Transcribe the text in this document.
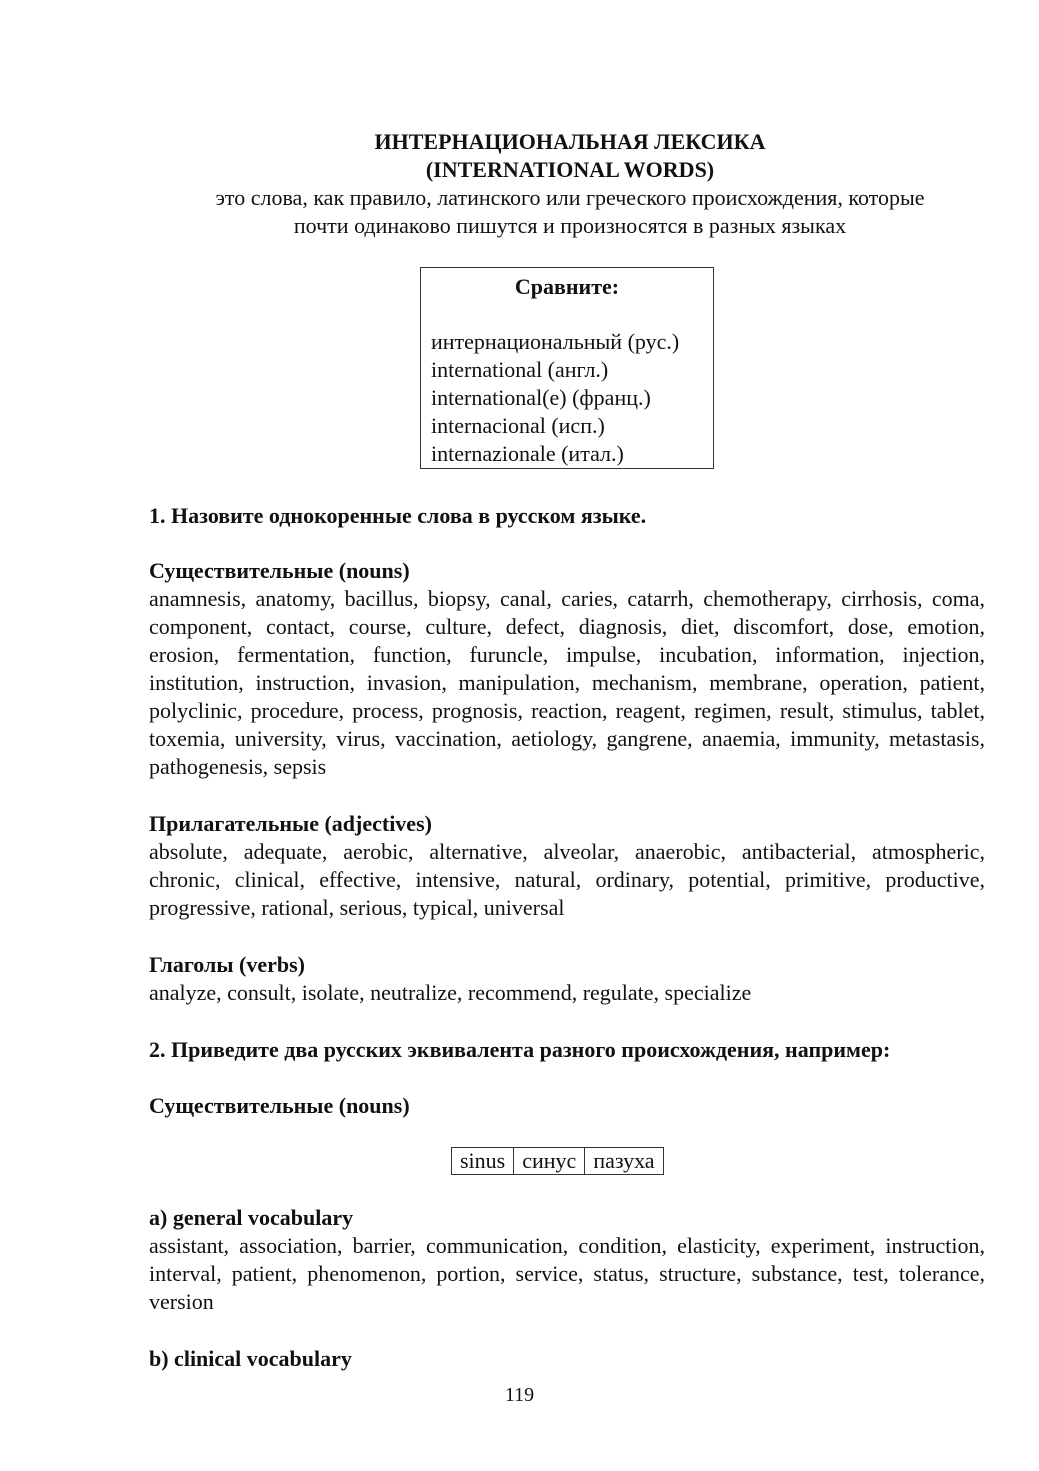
ИНТЕРНАЦИОНАЛЬНАЯ ЛЕКСИКА
(INTERNATIONAL WORDS)
это слова, как правило, латинского или греческого происхождения, которые
почти одинаково пишутся и произносятся в разных языках
Сравните:
интернациональный (рус.)
international (англ.)
international(e) (франц.)
internacional (исп.)
internazionale (итал.)
1. Назовите однокоренные слова в русском языке.
Существительные (nouns)
anamnesis, anatomy, bacillus, biopsy, canal, caries, catarrh, chemotherapy, cirrhosis, coma, component, contact, course, culture, defect, diagnosis, diet, discomfort, dose, emotion, erosion, fermentation, function, furuncle, impulse, incubation, information, injection, institution, instruction, invasion, manipulation, mechanism, membrane, operation, patient, polyclinic, procedure, process, prognosis, reaction, reagent, regimen, result, stimulus, tablet, toxemia, university, virus, vaccination, aetiology, gangrene, anaemia, immunity, metastasis, pathogenesis, sepsis
Прилагательные (adjectives)
absolute, adequate, aerobic, alternative, alveolar, anaerobic, antibacterial, atmospheric, chronic, clinical, effective, intensive, natural, ordinary, potential, primitive, productive, progressive, rational, serious, typical, universal
Глаголы (verbs)
analyze, consult, isolate, neutralize, recommend, regulate, specialize
2. Приведите два русских эквивалента разного происхождения, например:
Существительные (nouns)
sinus	синус	пазуха
a) general vocabulary
assistant, association, barrier, communication, condition, elasticity, experiment, instruction, interval, patient, phenomenon, portion, service, status, structure, substance, test, tolerance, version
b) clinical vocabulary
119
